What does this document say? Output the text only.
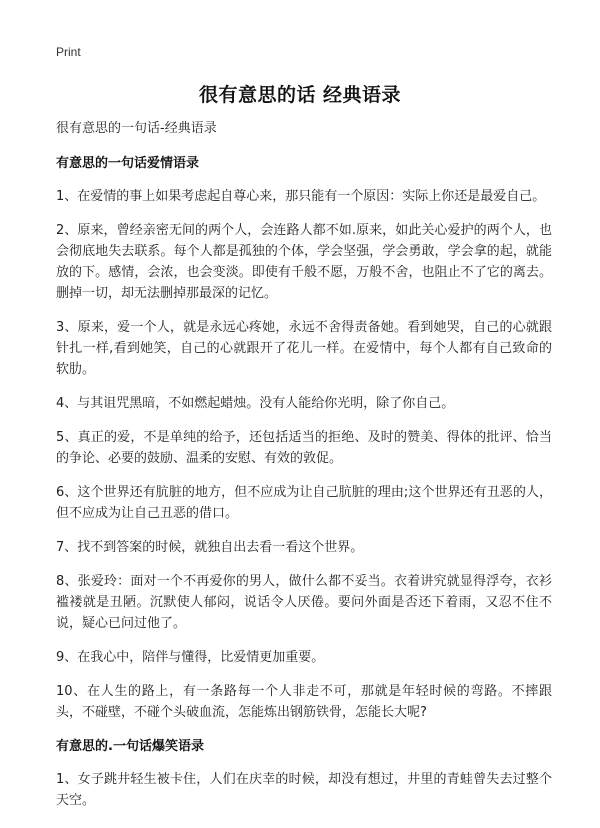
Print
很有意思的话 经典语录

很有意思的一句话-经典语录

有意思的一句话爱情语录

1、在爱情的事上如果考虑起自尊心来，那只能有一个原因：实际上你还是最爱自己。

2、原来，曾经亲密无间的两个人，会连路人都不如.原来，如此关心爱护的两个人，也会彻底地失去联系。每个人都是孤独的个体，学会坚强，学会勇敢，学会拿的起，就能放的下。感情，会浓，也会变淡。即使有千般不愿，万般不舍，也阻止不了它的离去。删掉一切，却无法删掉那最深的记忆。

3、原来，爱一个人，就是永远心疼她，永远不舍得责备她。看到她哭，自己的心就跟针扎一样,看到她笑，自己的心就跟开了花儿一样。在爱情中，每个人都有自己致命的软肋。

4、与其诅咒黑暗，不如燃起蜡烛。没有人能给你光明，除了你自己。

5、真正的爱，不是单纯的给予，还包括适当的拒绝、及时的赞美、得体的批评、恰当的争论、必要的鼓励、温柔的安慰、有效的敦促。

6、这个世界还有肮脏的地方，但不应成为让自己肮脏的理由;这个世界还有丑恶的人，但不应成为让自己丑恶的借口。

7、找不到答案的时候，就独自出去看一看这个世界。

8、张爱玲：面对一个不再爱你的男人，做什么都不妥当。衣着讲究就显得浮夸，衣衫褴褛就是丑陋。沉默使人郁闷，说话令人厌倦。要问外面是否还下着雨，又忍不住不说，疑心已问过他了。

9、在我心中，陪伴与懂得，比爱情更加重要。

10、在人生的路上，有一条路每一个人非走不可，那就是年轻时候的弯路。不摔跟头，不碰壁，不碰个头破血流，怎能炼出钢筋铁骨，怎能长大呢?

有意思的.一句话爆笑语录

1、女子跳井轻生被卡住，人们在庆幸的时候，却没有想过，井里的青蛙曾失去过整个天空。
